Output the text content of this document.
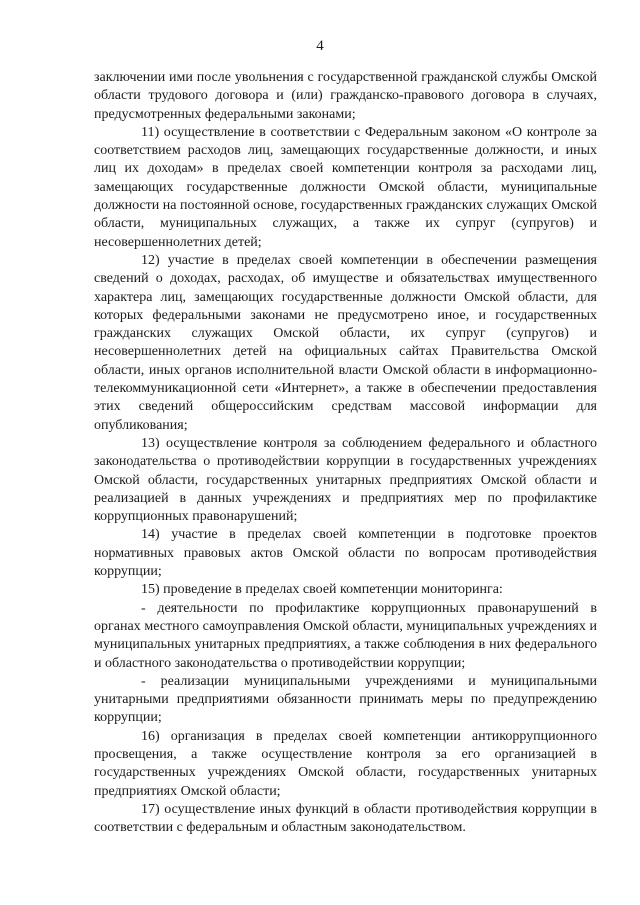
4

заключении ими после увольнения с государственной гражданской службы Омской области трудового договора и (или) гражданско-правового договора в случаях, предусмотренных федеральными законами;

11) осуществление в соответствии с Федеральным законом «О контроле за соответствием расходов лиц, замещающих государственные должности, и иных лиц их доходам» в пределах своей компетенции контроля за расходами лиц, замещающих государственные должности Омской области, муниципальные должности на постоянной основе, государственных гражданских служащих Омской области, муниципальных служащих, а также их супруг (супругов) и несовершеннолетних детей;

12) участие в пределах своей компетенции в обеспечении размещения сведений о доходах, расходах, об имуществе и обязательствах имущественного характера лиц, замещающих государственные должности Омской области, для которых федеральными законами не предусмотрено иное, и государственных гражданских служащих Омской области, их супруг (супругов) и несовершеннолетних детей на официальных сайтах Правительства Омской области, иных органов исполнительной власти Омской области в информационно-телекоммуникационной сети «Интернет», а также в обеспечении предоставления этих сведений общероссийским средствам массовой информации для опубликования;

13) осуществление контроля за соблюдением федерального и областного законодательства о противодействии коррупции в государственных учреждениях Омской области, государственных унитарных предприятиях Омской области и реализацией в данных учреждениях и предприятиях мер по профилактике коррупционных правонарушений;

14) участие в пределах своей компетенции в подготовке проектов нормативных правовых актов Омской области по вопросам противодействия коррупции;

15) проведение в пределах своей компетенции мониторинга:

- деятельности по профилактике коррупционных правонарушений в органах местного самоуправления Омской области, муниципальных учреждениях и муниципальных унитарных предприятиях, а также соблюдения в них федерального и областного законодательства о противодействии коррупции;

- реализации муниципальными учреждениями и муниципальными унитарными предприятиями обязанности принимать меры по предупреждению коррупции;

16) организация в пределах своей компетенции антикоррупционного просвещения, а также осуществление контроля за его организацией в государственных учреждениях Омской области, государственных унитарных предприятиях Омской области;

17) осуществление иных функций в области противодействия коррупции в соответствии с федеральным и областным законодательством.
